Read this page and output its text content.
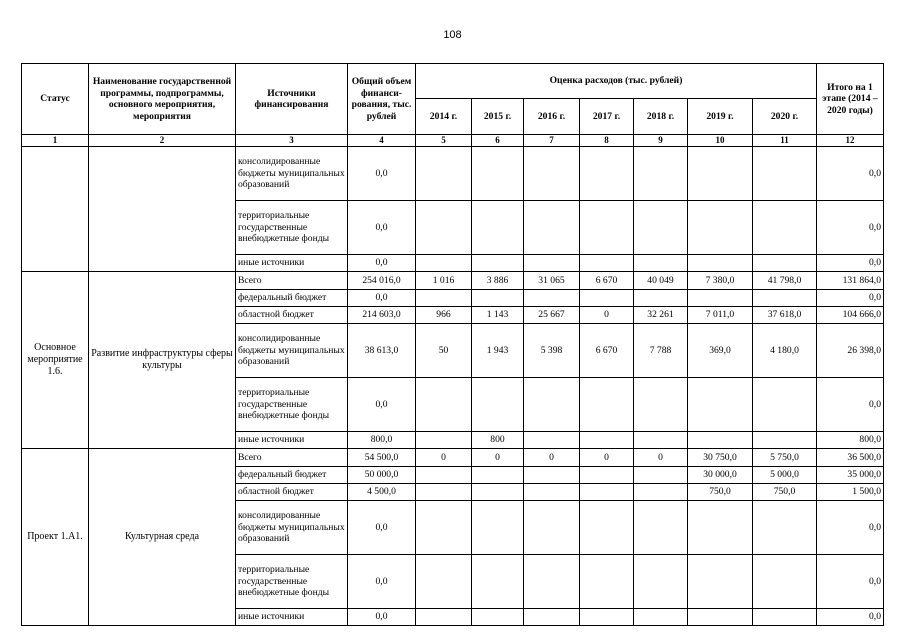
108
Статус	Наименование государственной программы, подпрограммы, основного мероприятия, мероприятия	Источники финансирования	Общий объем финанси-рования, тыс. рублей	Оценка расходов (тыс. рублей)							Итого на 1 этапе (2014 – 2020 годы)
				2014 г.	2015 г.	2016 г.	2017 г.	2018 г.	2019 г.	2020 г.	
1	2	3	4	5	6	7	8	9	10	11	12
		консолидированные бюджеты муниципальных образований	0,0								0,0
		территориальные государственные внебюджетные фонды	0,0								0,0
		иные источники	0,0								0,0
Основное мероприятие 1.6.	Развитие инфраструктуры сферы культуры	Всего	254 016,0	1 016	3 886	31 065	6 670	40 049	7 380,0	41 798,0	131 864,0
		федеральный бюджет	0,0								0,0
		областной бюджет	214 603,0	966	1 143	25 667	0	32 261	7 011,0	37 618,0	104 666,0
		консолидированные бюджеты муниципальных образований	38 613,0	50	1 943	5 398	6 670	7 788	369,0	4 180,0	26 398,0
		территориальные государственные внебюджетные фонды	0,0								0,0
		иные источники	800,0		800						800,0
Проект 1.А1.	Культурная среда	Всего	54 500,0	0	0	0	0	0	30 750,0	5 750,0	36 500,0
		федеральный бюджет	50 000,0						30 000,0	5 000,0	35 000,0
		областной бюджет	4 500,0						750,0	750,0	1 500,0
		консолидированные бюджеты муниципальных образований	0,0								0,0
		территориальные государственные внебюджетные фонды	0,0								0,0
		иные источники	0,0								0,0
